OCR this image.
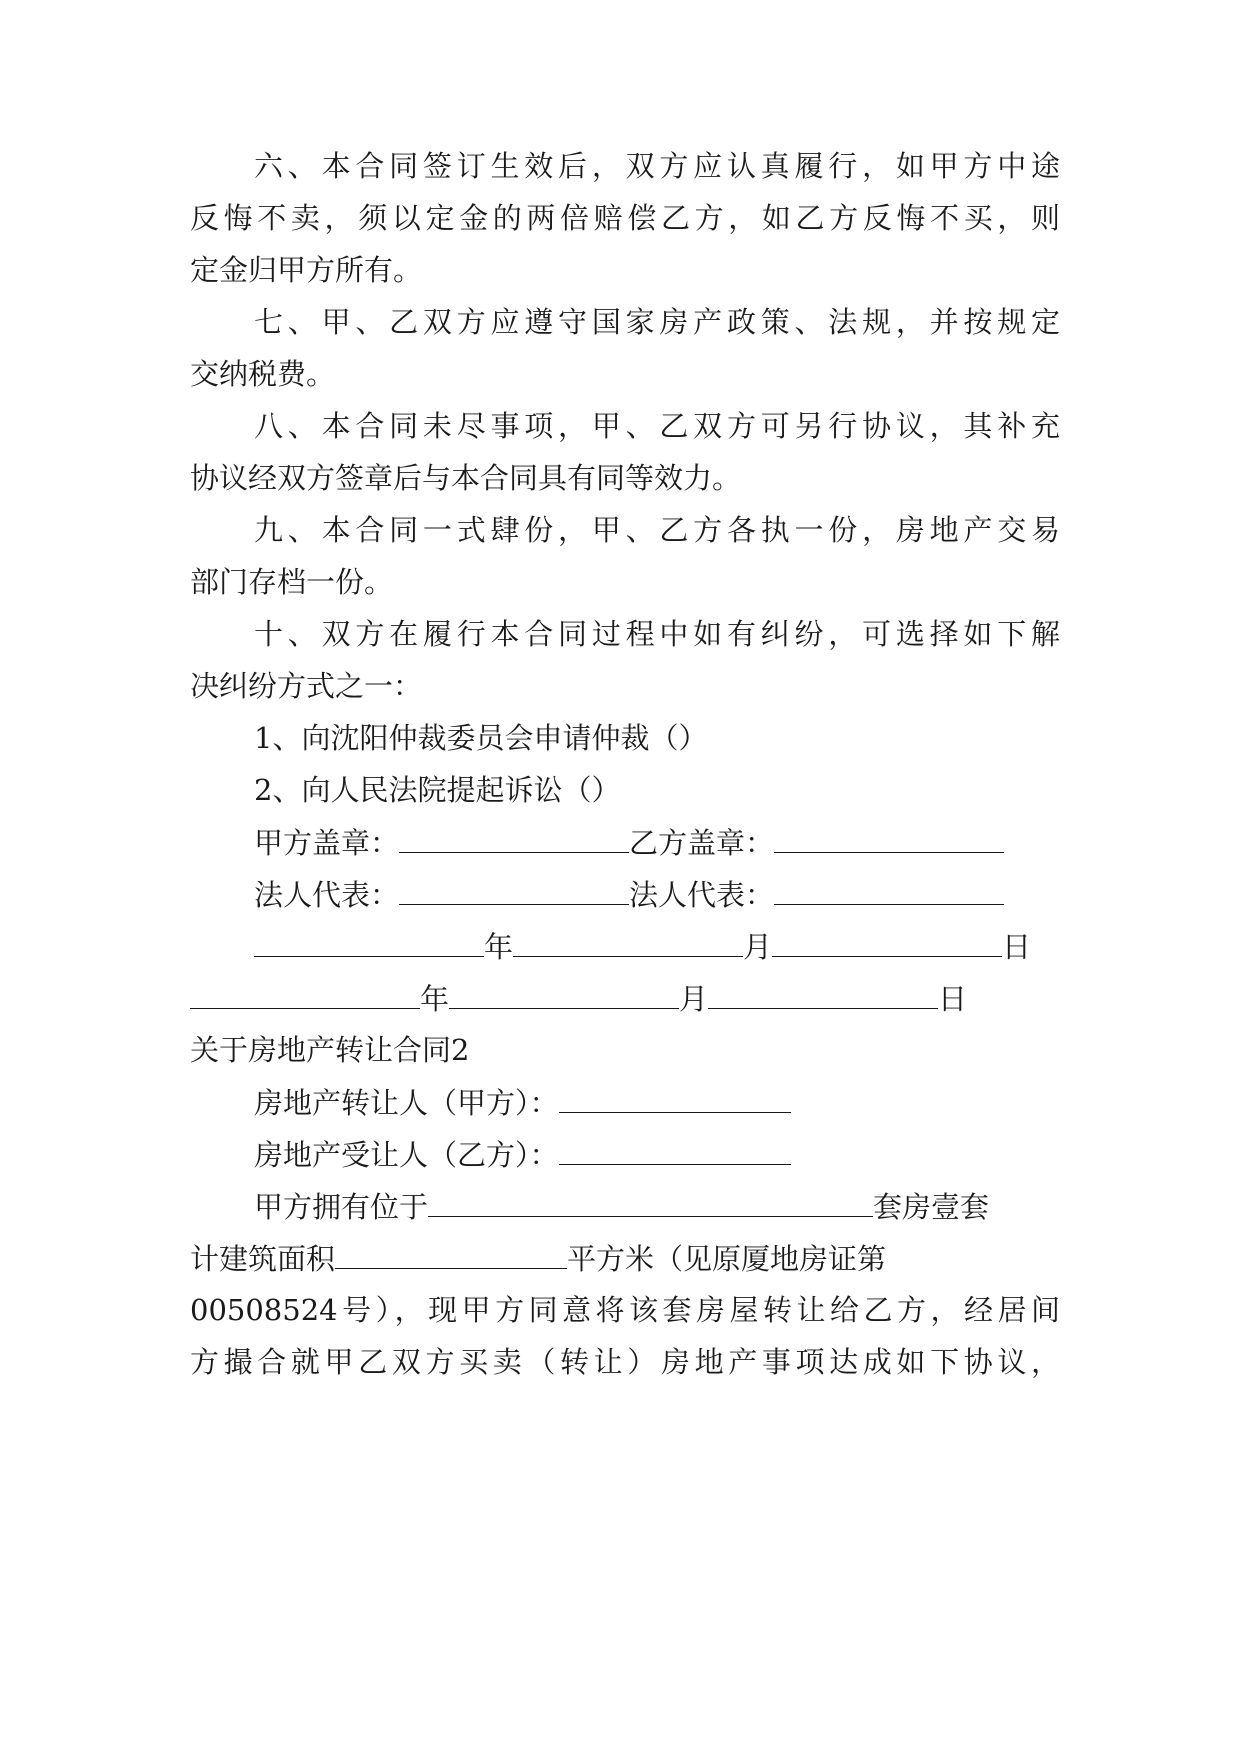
六、本合同签订生效后，双方应认真履行，如甲方中途
反悔不卖，须以定金的两倍赔偿乙方，如乙方反悔不买，则
定金归甲方所有。
七、甲、乙双方应遵守国家房产政策、法规，并按规定
交纳税费。
八、本合同未尽事项，甲、乙双方可另行协议，其补充
协议经双方签章后与本合同具有同等效力。
九、本合同一式肆份，甲、乙方各执一份，房地产交易
部门存档一份。
十、双方在履行本合同过程中如有纠纷，可选择如下解
决纠纷方式之一：
1、向沈阳仲裁委员会申请仲裁（）
2、向人民法院提起诉讼（）
甲方盖章：	乙方盖章：
法人代表：	法人代表：
年	月	日
年	月	日
关于房地产转让合同2
房地产转让人（甲方）：
房地产受让人（乙方）：
甲方拥有位于	套房壹套
计建筑面积	平方米（见原厦地房证第
00508524号），现甲方同意将该套房屋转让给乙方，经居间
方撮合就甲乙双方买卖（转让）房地产事项达成如下协议，
